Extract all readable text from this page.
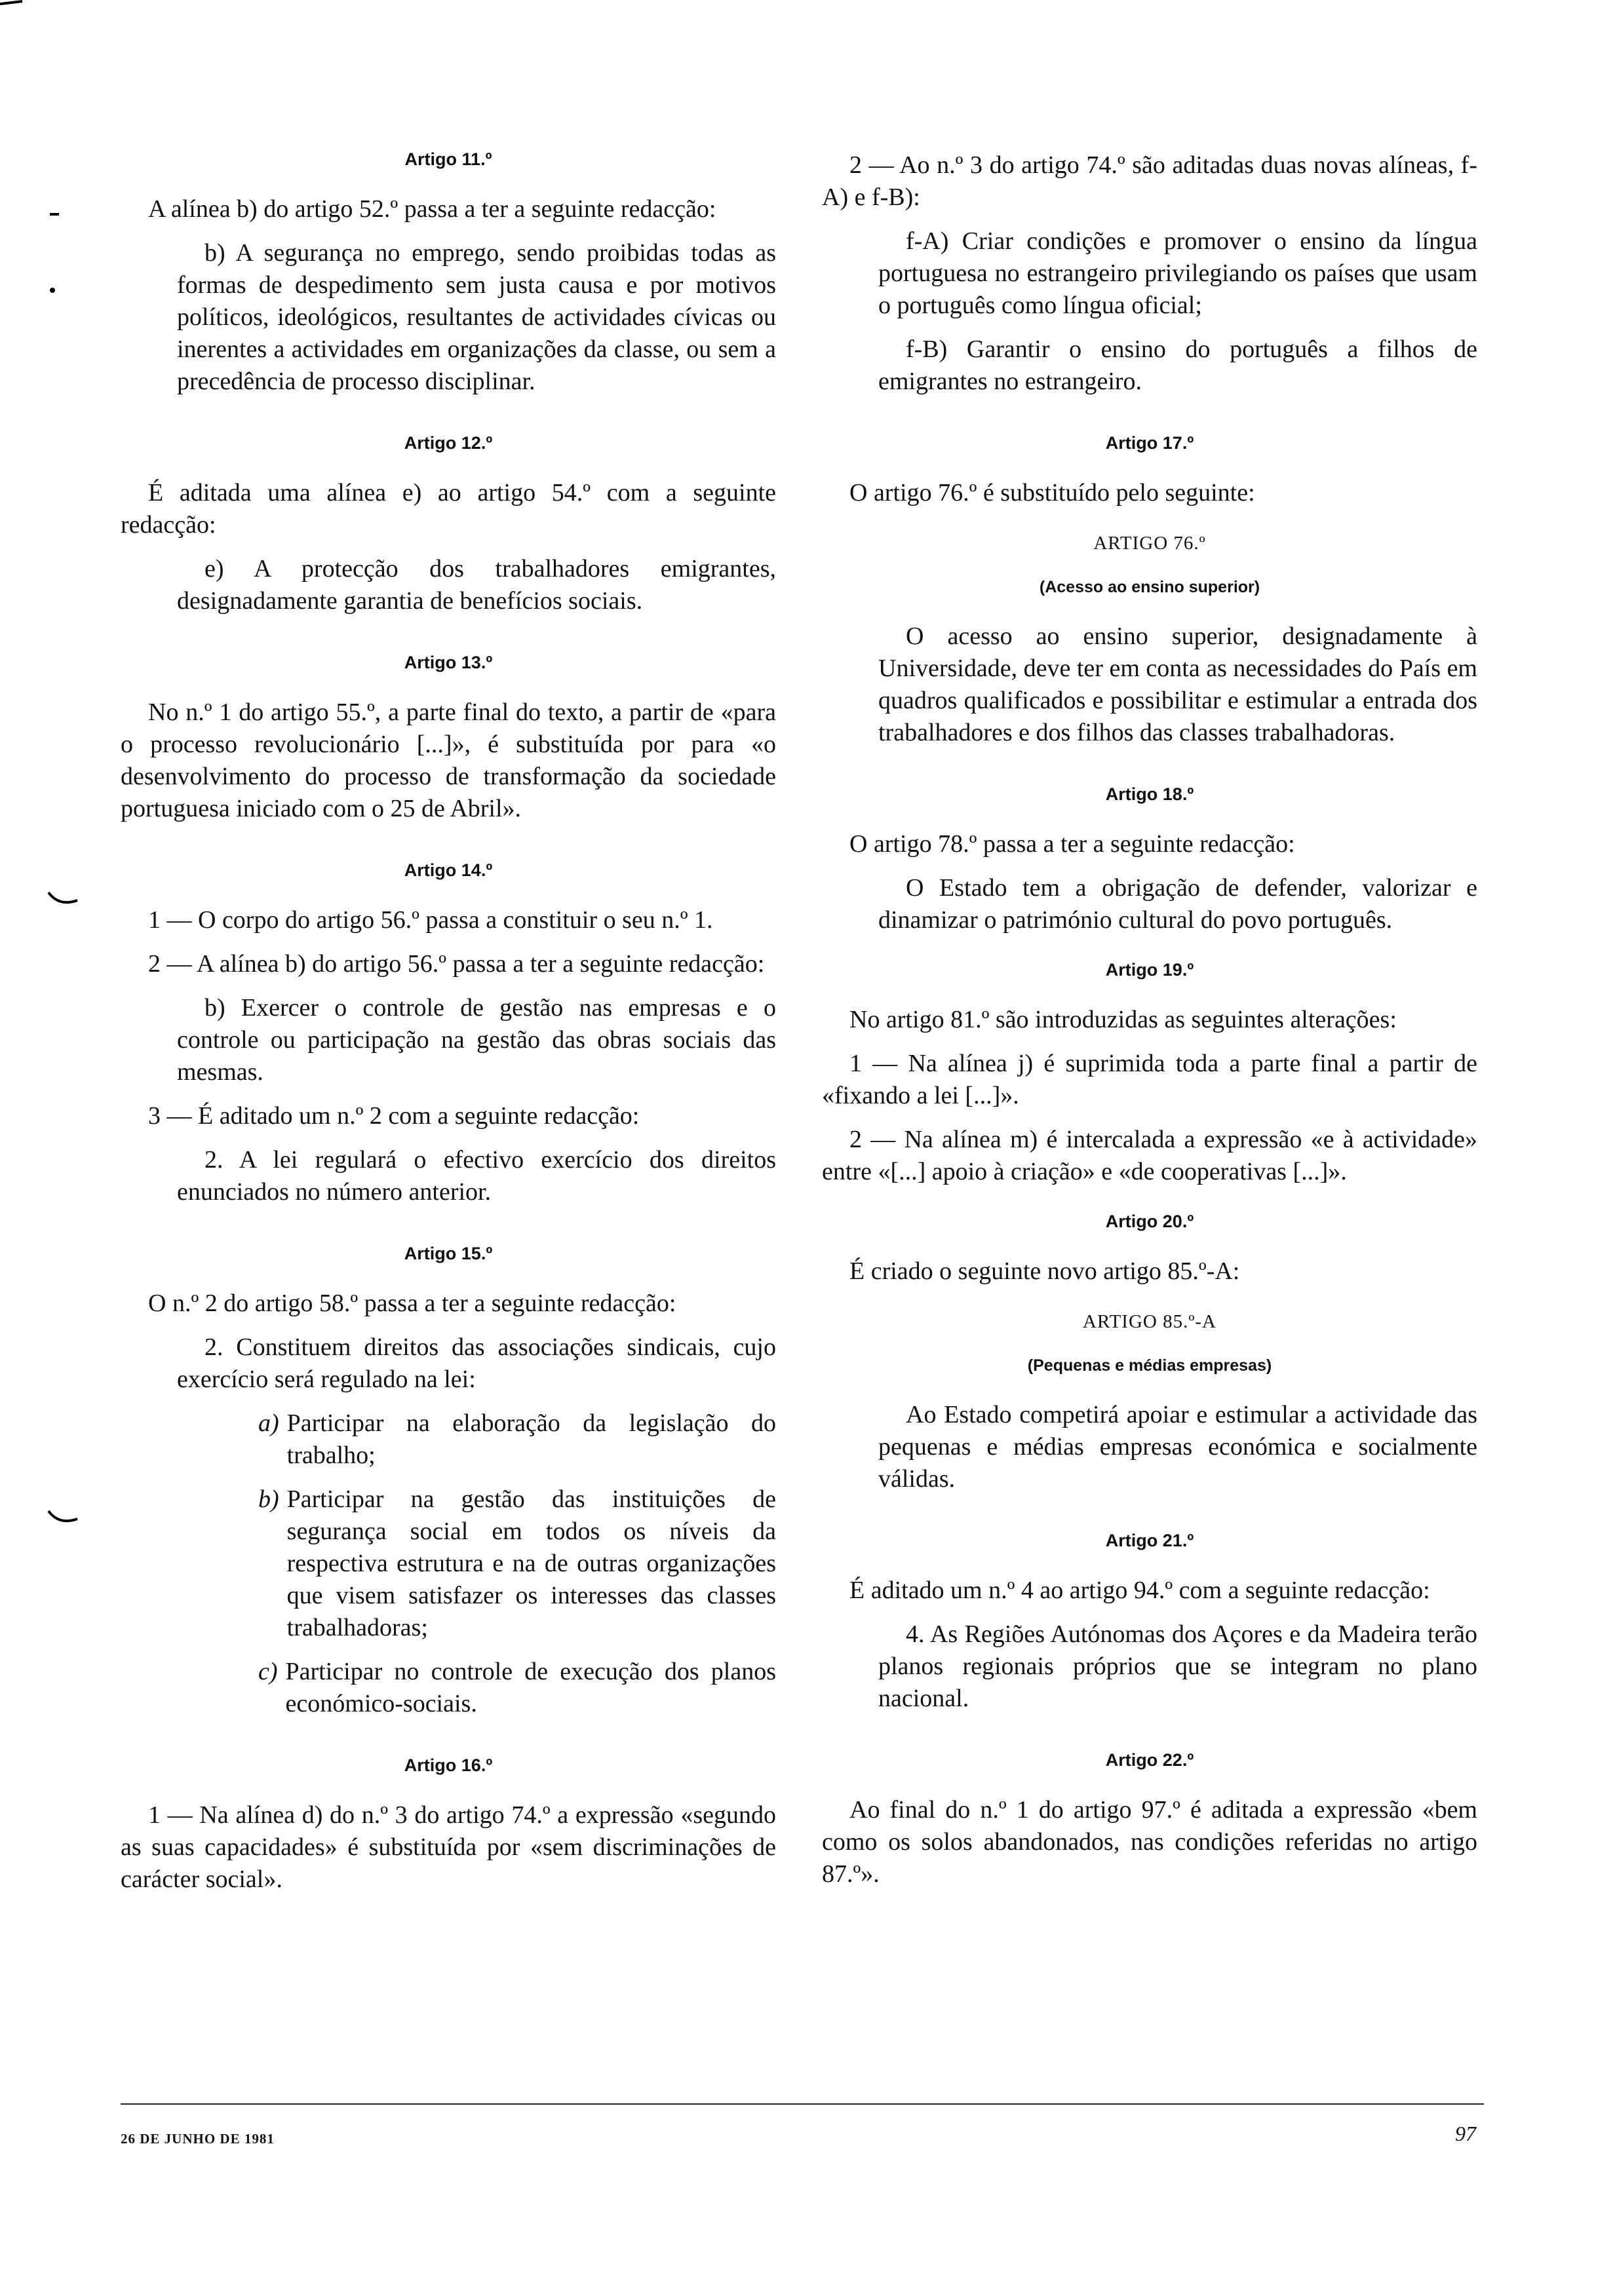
Artigo 11.º

A alínea b) do artigo 52.º passa a ter a seguinte redacção:

b) A segurança no emprego, sendo proibidas todas as formas de despedimento sem justa causa e por motivos políticos, ideológicos, resultantes de actividades cívicas ou inerentes a actividades em organizações da classe, ou sem a precedência de processo disciplinar.

Artigo 12.º

É aditada uma alínea e) ao artigo 54.º com a seguinte redacção:

e) A protecção dos trabalhadores emigrantes, designadamente garantia de benefícios sociais.

Artigo 13.º

No n.º 1 do artigo 55.º, a parte final do texto, a partir de «para o processo revolucionário [...]», é substituída por para «o desenvolvimento do processo de transformação da sociedade portuguesa iniciado com o 25 de Abril».

Artigo 14.º

1 — O corpo do artigo 56.º passa a constituir o seu n.º 1.

2 — A alínea b) do artigo 56.º passa a ter a seguinte redacção:

b) Exercer o controle de gestão nas empresas e o controle ou participação na gestão das obras sociais das mesmas.

3 — É aditado um n.º 2 com a seguinte redacção:

2. A lei regulará o efectivo exercício dos direitos enunciados no número anterior.

Artigo 15.º

O n.º 2 do artigo 58.º passa a ter a seguinte redacção:

2. Constituem direitos das associações sindicais, cujo exercício será regulado na lei:

a) Participar na elaboração da legislação do trabalho;
b) Participar na gestão das instituições de segurança social em todos os níveis da respectiva estrutura e na de outras organizações que visem satisfazer os interesses das classes trabalhadoras;
c) Participar no controle de execução dos planos económico-sociais.
Artigo 16.º

1 — Na alínea d) do n.º 3 do artigo 74.º a expressão «segundo as suas capacidades» é substituída por «sem discriminações de carácter social».

2 — Ao n.º 3 do artigo 74.º são aditadas duas novas alíneas, f-A) e f-B):

f-A) Criar condições e promover o ensino da língua portuguesa no estrangeiro privilegiando os países que usam o português como língua oficial;

f-B) Garantir o ensino do português a filhos de emigrantes no estrangeiro.

Artigo 17.º

O artigo 76.º é substituído pelo seguinte:

ARTIGO 76.º
(Acesso ao ensino superior)

O acesso ao ensino superior, designadamente à Universidade, deve ter em conta as necessidades do País em quadros qualificados e possibilitar e estimular a entrada dos trabalhadores e dos filhos das classes trabalhadoras.

Artigo 18.º

O artigo 78.º passa a ter a seguinte redacção:

O Estado tem a obrigação de defender, valorizar e dinamizar o património cultural do povo português.

Artigo 19.º

No artigo 81.º são introduzidas as seguintes alterações:

1 — Na alínea j) é suprimida toda a parte final a partir de «fixando a lei [...]».

2 — Na alínea m) é intercalada a expressão «e à actividade» entre «[...] apoio à criação» e «de cooperativas [...]».

Artigo 20.º

É criado o seguinte novo artigo 85.º-A:

ARTIGO 85.º-A
(Pequenas e médias empresas)

Ao Estado competirá apoiar e estimular a actividade das pequenas e médias empresas económica e socialmente válidas.

Artigo 21.º

É aditado um n.º 4 ao artigo 94.º com a seguinte redacção:

4. As Regiões Autónomas dos Açores e da Madeira terão planos regionais próprios que se integram no plano nacional.

Artigo 22.º

Ao final do n.º 1 do artigo 97.º é aditada a expressão «bem como os solos abandonados, nas condições referidas no artigo 87.º».

26 DE JUNHO DE 1981	97
